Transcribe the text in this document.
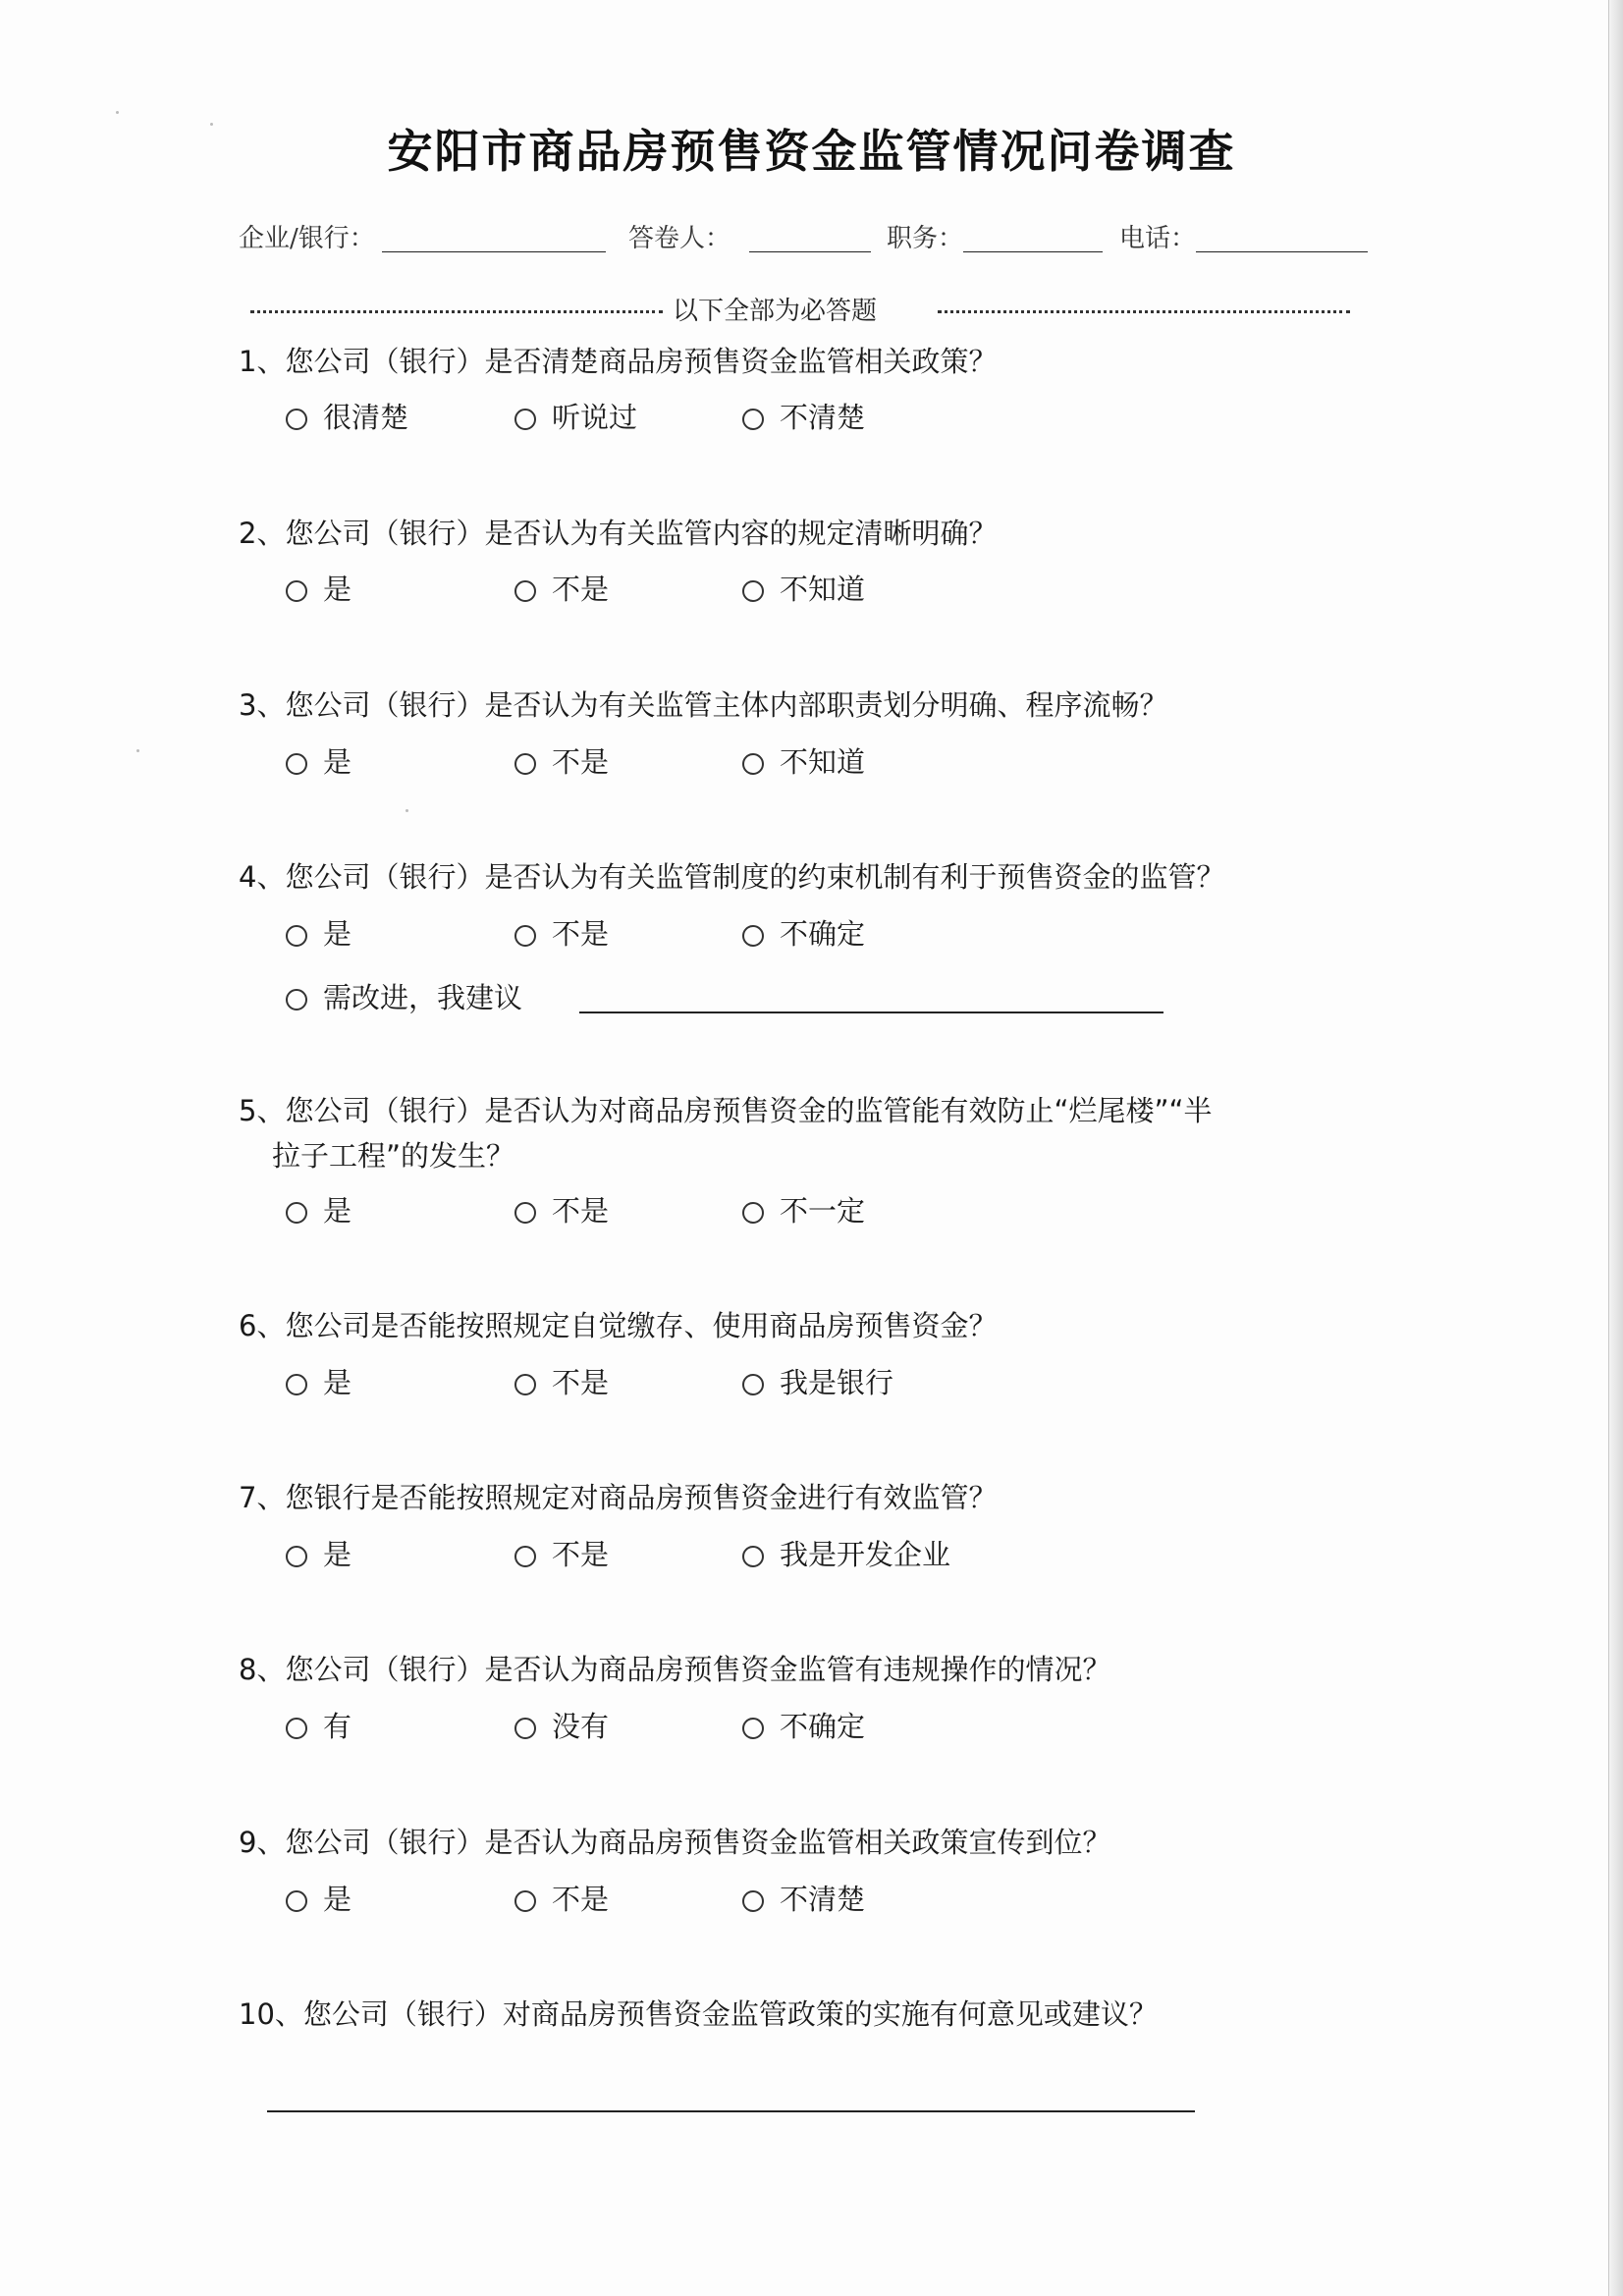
安阳市商品房预售资金监管情况问卷调查
企业/银行：	答卷人：	职务：	电话：
以下全部为必答题
1、您公司（银行）是否清楚商品房预售资金监管相关政策？
很清楚	听说过	不清楚
2、您公司（银行）是否认为有关监管内容的规定清晰明确？
是	不是	不知道
3、您公司（银行）是否认为有关监管主体内部职责划分明确、程序流畅？
是	不是	不知道
4、您公司（银行）是否认为有关监管制度的约束机制有利于预售资金的监管？
是	不是	不确定
需改进，我建议
5、您公司（银行）是否认为对商品房预售资金的监管能有效防止“烂尾楼”“半
拉子工程”的发生？
是	不是	不一定
6、您公司是否能按照规定自觉缴存、使用商品房预售资金？
是	不是	我是银行
7、您银行是否能按照规定对商品房预售资金进行有效监管？
是	不是	我是开发企业
8、您公司（银行）是否认为商品房预售资金监管有违规操作的情况？
有	没有	不确定
9、您公司（银行）是否认为商品房预售资金监管相关政策宣传到位？
是	不是	不清楚
10、您公司（银行）对商品房预售资金监管政策的实施有何意见或建议？
